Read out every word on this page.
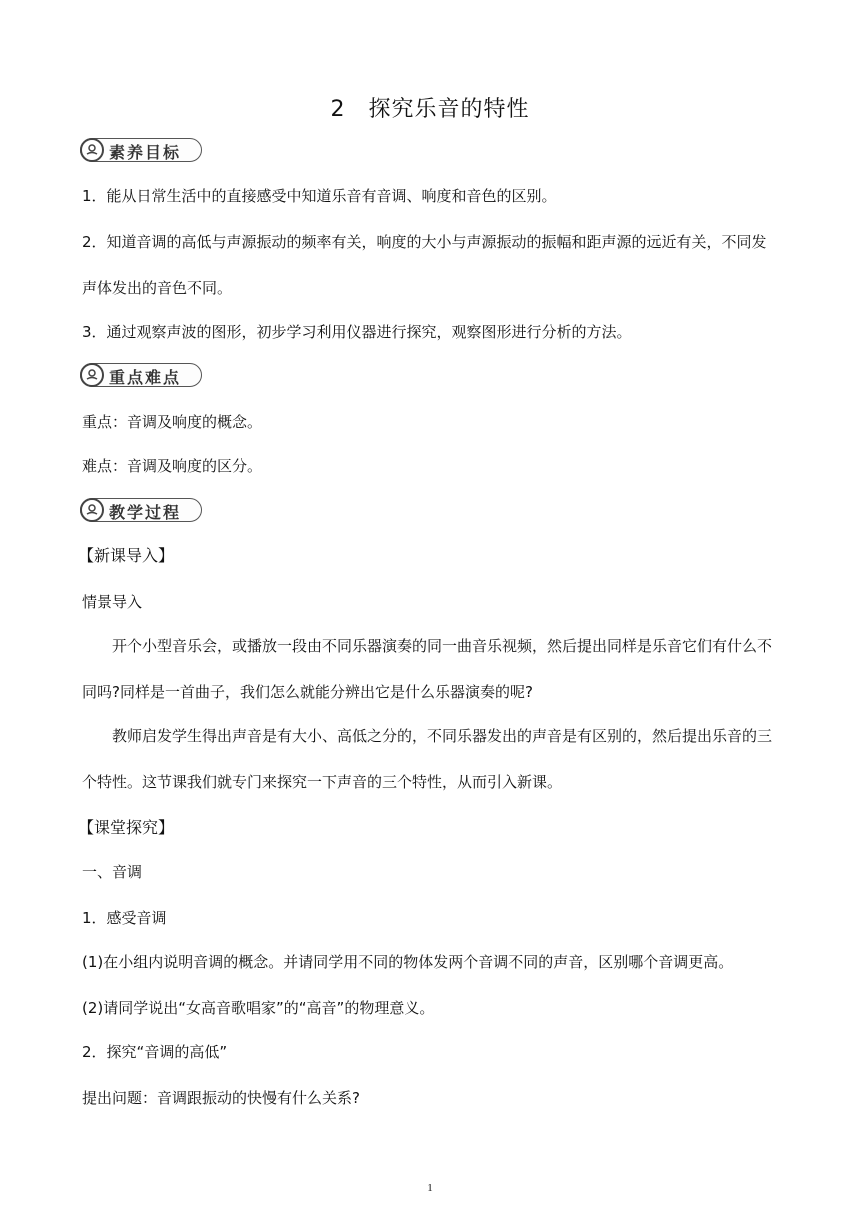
2　探究乐音的特性
素养目标
1．能从日常生活中的直接感受中知道乐音有音调、响度和音色的区别。
2．知道音调的高低与声源振动的频率有关，响度的大小与声源振动的振幅和距声源的远近有关，不同发
声体发出的音色不同。
3．通过观察声波的图形，初步学习利用仪器进行探究，观察图形进行分析的方法。
重点难点
重点：音调及响度的概念。
难点：音调及响度的区分。
教学过程
【新课导入】
情景导入
开个小型音乐会，或播放一段由不同乐器演奏的同一曲音乐视频，然后提出同样是乐音它们有什么不
同吗?同样是一首曲子，我们怎么就能分辨出它是什么乐器演奏的呢?
教师启发学生得出声音是有大小、高低之分的，不同乐器发出的声音是有区别的，然后提出乐音的三
个特性。这节课我们就专门来探究一下声音的三个特性，从而引入新课。
【课堂探究】
一、音调
1．感受音调
(1)在小组内说明音调的概念。并请同学用不同的物体发两个音调不同的声音，区别哪个音调更高。
(2)请同学说出“女高音歌唱家”的“高音”的物理意义。
2．探究“音调的高低”
提出问题：音调跟振动的快慢有什么关系?
1
